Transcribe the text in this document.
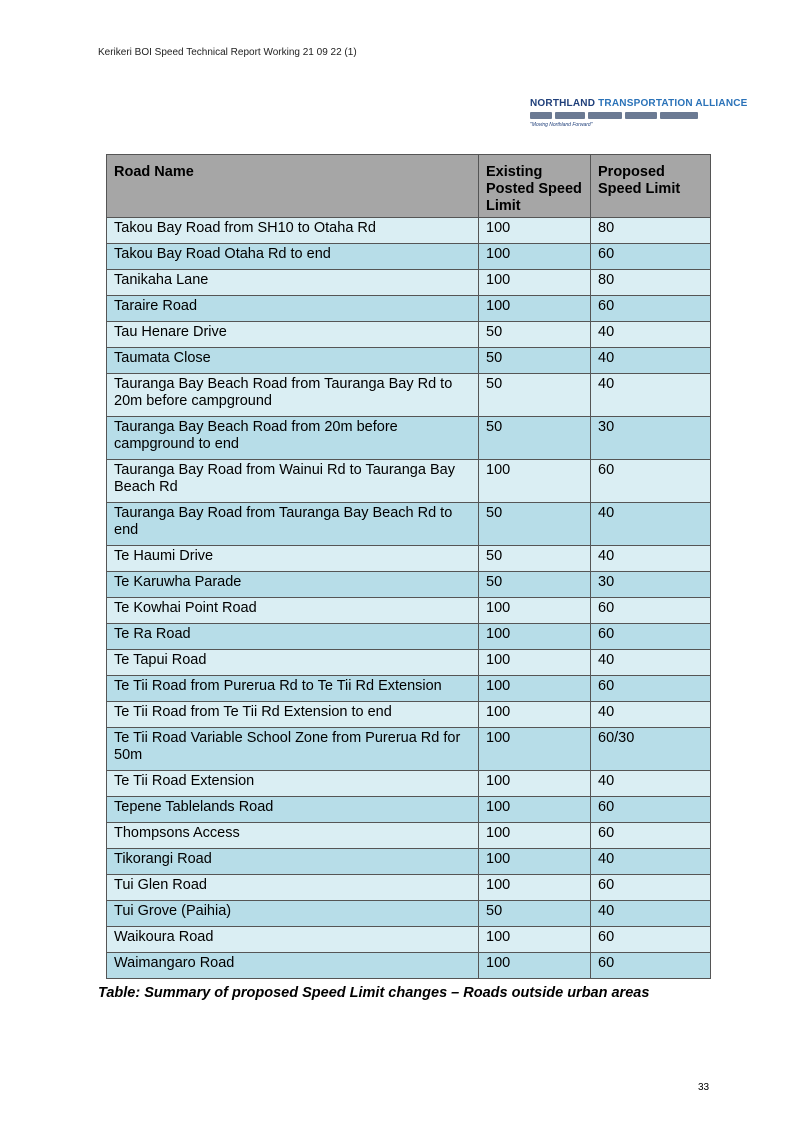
Kerikeri BOI Speed Technical Report Working 21 09 22 (1)
NORTHLAND TRANSPORTATION ALLIANCE
"Moving Northland Forward"
Road Name	Existing Posted Speed Limit	Proposed Speed Limit
Takou Bay Road from SH10 to Otaha Rd	100	80
Takou Bay Road Otaha Rd to end	100	60
Tanikaha Lane	100	80
Taraire Road	100	60
Tau Henare Drive	50	40
Taumata Close	50	40
Tauranga Bay Beach Road from Tauranga Bay Rd to 20m before campground	50	40
Tauranga Bay Beach Road from 20m before campground to end	50	30
Tauranga Bay Road from Wainui Rd to Tauranga Bay Beach Rd	100	60
Tauranga Bay Road from Tauranga Bay Beach Rd to end	50	40
Te Haumi Drive	50	40
Te Karuwha Parade	50	30
Te Kowhai Point Road	100	60
Te Ra Road	100	60
Te Tapui Road	100	40
Te Tii Road from Purerua Rd to Te Tii Rd Extension	100	60
Te Tii Road from Te Tii Rd Extension to end	100	40
Te Tii Road Variable School Zone from Purerua Rd for 50m	100	60/30
Te Tii Road Extension	100	40
Tepene Tablelands Road	100	60
Thompsons Access	100	60
Tikorangi Road	100	40
Tui Glen Road	100	60
Tui Grove (Paihia)	50	40
Waikoura Road	100	60
Waimangaro Road	100	60
Table: Summary of proposed Speed Limit changes – Roads outside urban areas
33
